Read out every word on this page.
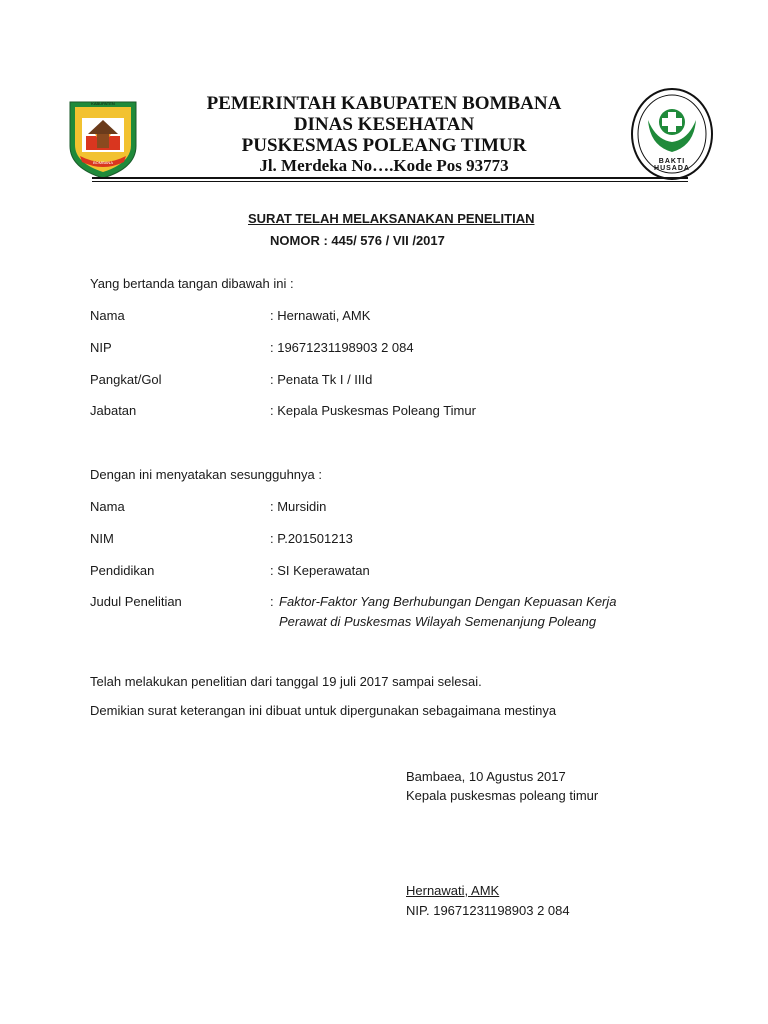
KABUPATEN
BOMBANA	BAKTI HUSADA
PEMERINTAH KABUPATEN BOMBANA
DINAS KESEHATAN
PUSKESMAS POLEANG TIMUR
Jl. Merdeka No….Kode Pos 93773
SURAT TELAH MELAKSANAKAN PENELITIAN
NOMOR : 445/ 576 / VII /2017
Yang bertanda tangan dibawah ini :
Nama	: Hernawati, AMK
NIP	: 19671231198903 2 084
Pangkat/Gol	: Penata Tk I / IIId
Jabatan	: Kepala Puskesmas Poleang Timur
Dengan ini menyatakan sesungguhnya :
Nama	: Mursidin
NIM	: P.201501213
Pendidikan	: SI Keperawatan
Judul Penelitian	: Faktor-Faktor Yang Berhubungan Dengan Kepuasan Kerja
Perawat di Puskesmas Wilayah Semenanjung Poleang
Telah melakukan penelitian dari tanggal 19 juli 2017 sampai selesai.
Demikian surat keterangan ini dibuat untuk dipergunakan sebagaimana mestinya
Bambaea, 10 Agustus 2017
Kepala puskesmas poleang timur
Hernawati, AMK
NIP. 19671231198903 2 084
